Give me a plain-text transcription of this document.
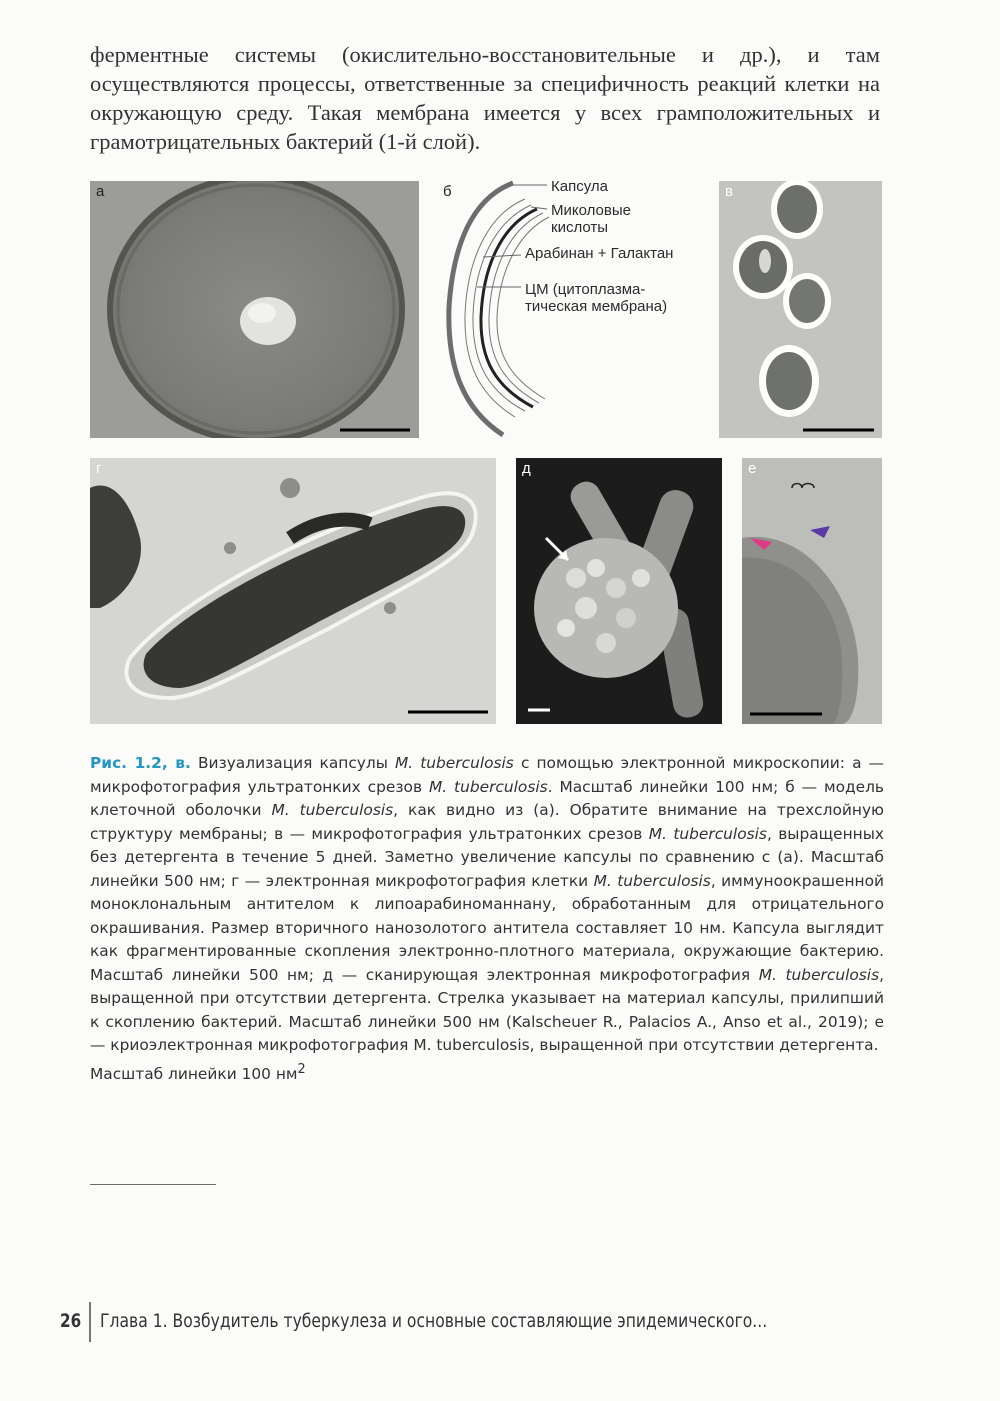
ферментные системы (окислительно-восстановительные и др.), и там осуществляются процессы, ответственные за специфичность реакций клетки на окружающую среду. Такая мембрана имеется у всех грамположительных и грамотрицательных бактерий (1-й слой).
а	б	Капсула
Миколовые
кислоты
Арабинан + Галактан
ЦМ (цитоплазма-
тическая мембрана)
в
г	д	е
Рис. 1.2, в. Визуализация капсулы M. tuberculosis с помощью электронной микроскопии: а — микрофотография ультратонких срезов M. tuberculosis. Масштаб линейки 100 нм; б — модель клеточной оболочки M. tuberculosis, как видно из (а). Обратите внимание на трехслойную структуру мембраны; в — микрофотография ультратонких срезов M. tuberculosis, выращенных без детергента в течение 5 дней. Заметно увеличение капсулы по сравнению с (а). Масштаб линейки 500 нм; г — электронная микрофотография клетки M. tuberculosis, иммуноокрашенной моноклональным антителом к липоарабиноманнану, обработанным для отрицательного окрашивания. Размер вторичного нанозолотого антитела составляет 10 нм. Капсула выглядит как фрагментированные скопления электронно-плотного материала, окружающие бактерию. Масштаб линейки 500 нм; д — сканирующая электронная микрофотография M. tuberculosis, выращенной при отсутствии детергента. Стрелка указывает на материал капсулы, прилипший к скоплению бактерий. Масштаб линейки 500 нм (Kalscheuer R., Palacios A., Anso et al., 2019); е — криоэлектронная микрофотография M. tuberculosis, выращенной при отсутствии детергента.
Масштаб линейки 100 $нм^2$
26 Глава 1. Возбудитель туберкулеза и основные составляющие эпидемического...
